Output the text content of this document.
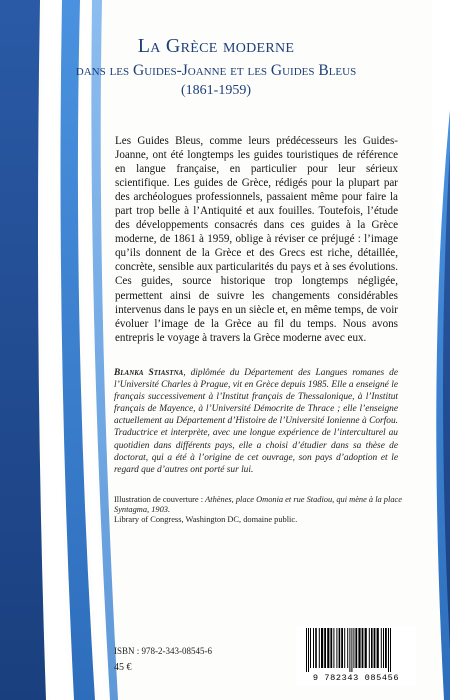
La Grèce moderne
dans les Guides-Joanne et les Guides Bleus
(1861-1959)

Les Guides Bleus, comme leurs prédécesseurs les Guides-Joanne, ont été longtemps les guides touristiques de référence en langue française, en particulier pour leur sérieux scientifique. Les guides de Grèce, rédigés pour la plupart par des archéologues professionnels, passaient même pour faire la part trop belle à l’Antiquité et aux fouilles. Toutefois, l’étude des développements consacrés dans ces guides à la Grèce moderne, de 1861 à 1959, oblige à réviser ce préjugé : l’image qu’ils donnent de la Grèce et des Grecs est riche, détaillée, concrète, sensible aux particularités du pays et à ses évolutions. Ces guides, source historique trop longtemps négligée, permettent ainsi de suivre les changements considérables intervenus dans le pays en un siècle et, en même temps, de voir évoluer l’image de la Grèce au fil du temps. Nous avons entrepris le voyage à travers la Grèce moderne avec eux.

Blanka Stiastna, diplômée du Département des Langues romanes de l’Université Charles à Prague, vit en Grèce depuis 1985. Elle a enseigné le français successivement à l’Institut français de Thessalonique, à l’Institut français de Mayence, à l’Université Démocrite de Thrace ; elle l’enseigne actuellement au Département d’Histoire de l’Université Ionienne à Corfou. Traductrice et interprète, avec une longue expérience de l’interculturel au quotidien dans différents pays, elle a choisi d’étudier dans sa thèse de doctorat, qui a été à l’origine de cet ouvrage, son pays d’adoption et le regard que d’autres ont porté sur lui.

Illustration de couverture : Athènes, place Omonia et rue Stadiou, qui mène à la place Syntagma, 1903.
Library of Congress, Washington DC, domaine public.
ISBN : 978-2-343-08545-6
45 €
9 782343 085456
